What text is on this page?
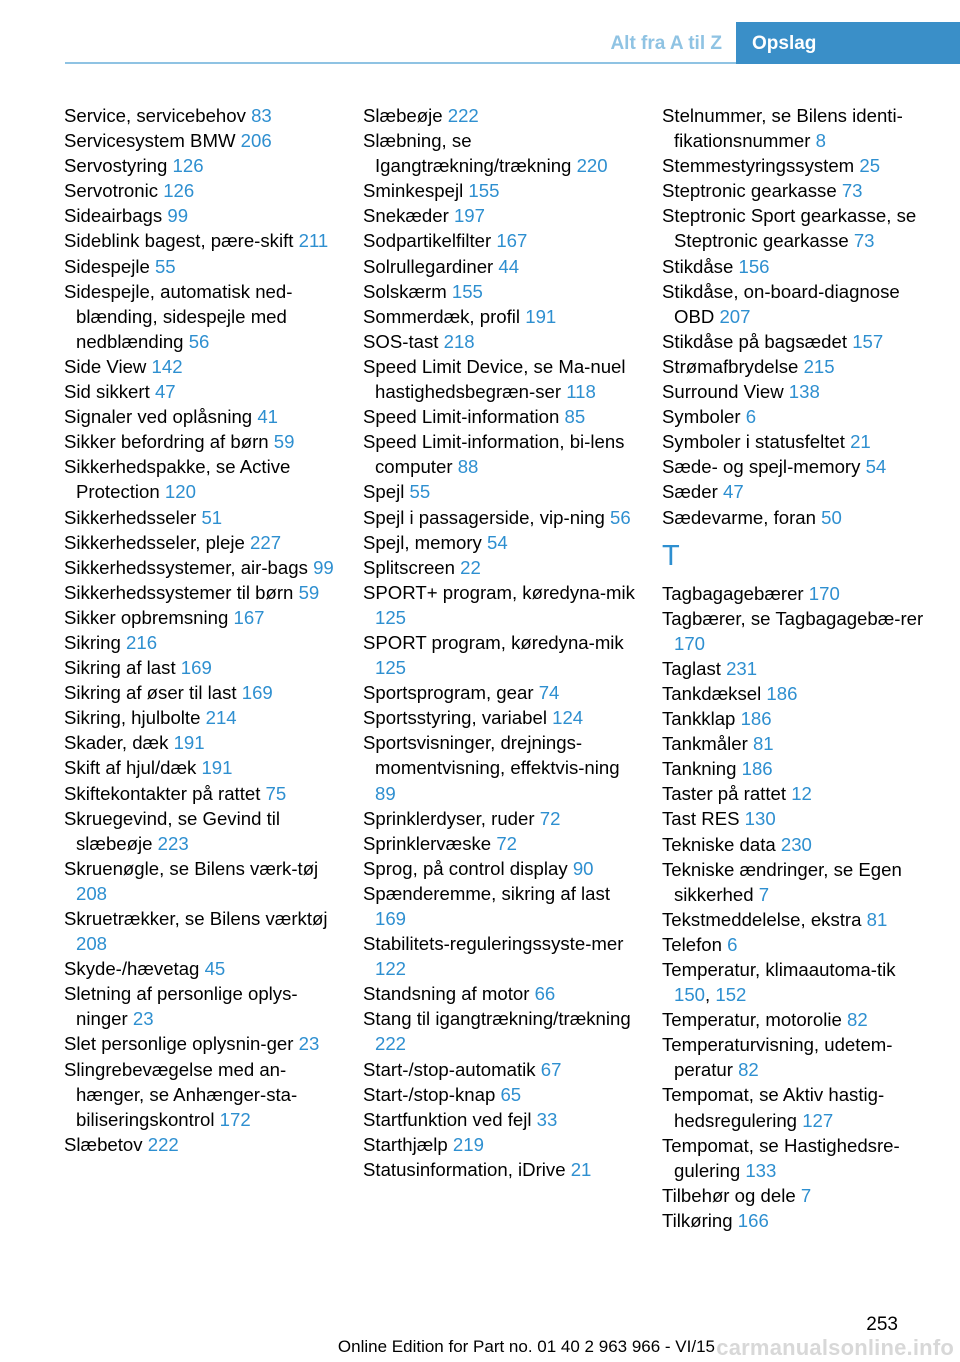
Alt fra A til Z	Opslag
Service, servicebehov 83
Servicesystem BMW 206
Servostyring 126
Servotronic 126
Sideairbags 99
Sideblink bagest, pære-skift 211
Sidespejle 55
Sidespejle, automatisk ned-blænding, sidespejle med nedblænding 56
Side View 142
Sid sikkert 47
Signaler ved oplåsning 41
Sikker befordring af børn 59
Sikkerhedspakke, se Active Protection 120
Sikkerhedsseler 51
Sikkerhedsseler, pleje 227
Sikkerhedssystemer, air-bags 99
Sikkerhedssystemer til børn 59
Sikker opbremsning 167
Sikring 216
Sikring af last 169
Sikring af øser til last 169
Sikring, hjulbolte 214
Skader, dæk 191
Skift af hjul/dæk 191
Skiftekontakter på rattet 75
Skruegevind, se Gevind til slæbeøje 223
Skruenøgle, se Bilens værk-tøj 208
Skruetrækker, se Bilens værktøj 208
Skyde-/hævetag 45
Sletning af personlige oplys-ninger 23
Slet personlige oplysnin-ger 23
Slingrebevægelse med an-hænger, se Anhænger-sta-biliseringskontrol 172
Slæbetov 222
Slæbeøje 222
Slæbning, se Igangtrækning/trækning 220
Sminkespejl 155
Snekæder 197
Sodpartikelfilter 167
Solrullegardiner 44
Solskærm 155
Sommerdæk, profil 191
SOS-tast 218
Speed Limit Device, se Ma-nuel hastighedsbegræn-ser 118
Speed Limit-information 85
Speed Limit-information, bi-lens computer 88
Spejl 55
Spejl i passagerside, vip-ning 56
Spejl, memory 54
Splitscreen 22
SPORT+ program, køredyna-mik 125
SPORT program, køredyna-mik 125
Sportsprogram, gear 74
Sportsstyring, variabel 124
Sportsvisninger, drejnings-momentvisning, effektvis-ning 89
Sprinklerdyser, ruder 72
Sprinklervæske 72
Sprog, på control display 90
Spænderemme, sikring af last 169
Stabilitets-reguleringssyste-mer 122
Standsning af motor 66
Stang til igangtrækning/trækning 222
Start-/stop-automatik 67
Start-/stop-knap 65
Startfunktion ved fejl 33
Starthjælp 219
Statusinformation, iDrive 21
Stelnummer, se Bilens identi-fikationsnummer 8
Stemmestyringssystem 25
Steptronic gearkasse 73
Steptronic Sport gearkasse, se Steptronic gearkasse 73
Stikdåse 156
Stikdåse, on-board-diagnose OBD 207
Stikdåse på bagsædet 157
Strømafbrydelse 215
Surround View 138
Symboler 6
Symboler i statusfeltet 21
Sæde- og spejl-memory 54
Sæder 47
Sædevarme, foran 50
T
Tagbagagebærer 170
Tagbærer, se Tagbagagebæ-rer 170
Taglast 231
Tankdæksel 186
Tankklap 186
Tankmåler 81
Tankning 186
Taster på rattet 12
Tast RES 130
Tekniske data 230
Tekniske ændringer, se Egen sikkerhed 7
Tekstmeddelelse, ekstra 81
Telefon 6
Temperatur, klimaautoma-tik 150, 152
Temperatur, motorolie 82
Temperaturvisning, udetem-peratur 82
Tempomat, se Aktiv hastig-hedsregulering 127
Tempomat, se Hastighedsre-gulering 133
Tilbehør og dele 7
Tilkøring 166
carmanualsonline.info
253
Online Edition for Part no. 01 40 2 963 966 - VI/15
